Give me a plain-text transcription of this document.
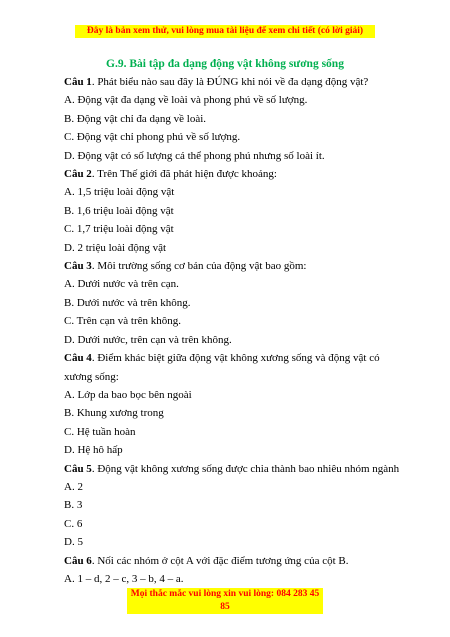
Đây là bản xem thử, vui lòng mua tài liệu để xem chi tiết (có lời giải)
G.9. Bài tập đa dạng động vật không sương sống
Câu 1. Phát biểu nào sau đây là ĐÚNG khi nói về đa dạng động vật?
A. Động vật đa dạng về loài và phong phú về số lượng.
B. Động vật chỉ đa dạng về loài.
C. Động vật chỉ phong phú về số lượng.
D. Động vật có số lượng cá thể phong phú nhưng số loài ít.
Câu 2. Trên Thế giới đã phát hiện được khoảng:
A. 1,5 triệu loài động vật
B. 1,6 triệu loài động vật
C. 1,7 triệu loài động vật
D. 2 triệu loài động vật
Câu 3. Môi trường sống cơ bản của động vật bao gồm:
A. Dưới nước và trên cạn.
B. Dưới nước và trên không.
C. Trên cạn và trên không.
D. Dưới nước, trên cạn và trên không.
Câu 4. Điểm khác biệt giữa động vật không xương sống và động vật có xương sống:
A. Lớp da bao bọc bên ngoài
B. Khung xương trong
C. Hệ tuần hoàn
D. Hệ hô hấp
Câu 5. Động vật không xương sống được chia thành bao nhiêu nhóm ngành
A. 2
B. 3
C. 6
D. 5
Câu 6. Nối các nhóm ở cột A với đặc điểm tương ứng của cột B.
A. 1 – d, 2 – c, 3 – b, 4 – a.
Mọi thắc mắc vui lòng xin vui lòng: 084 283 45 85
